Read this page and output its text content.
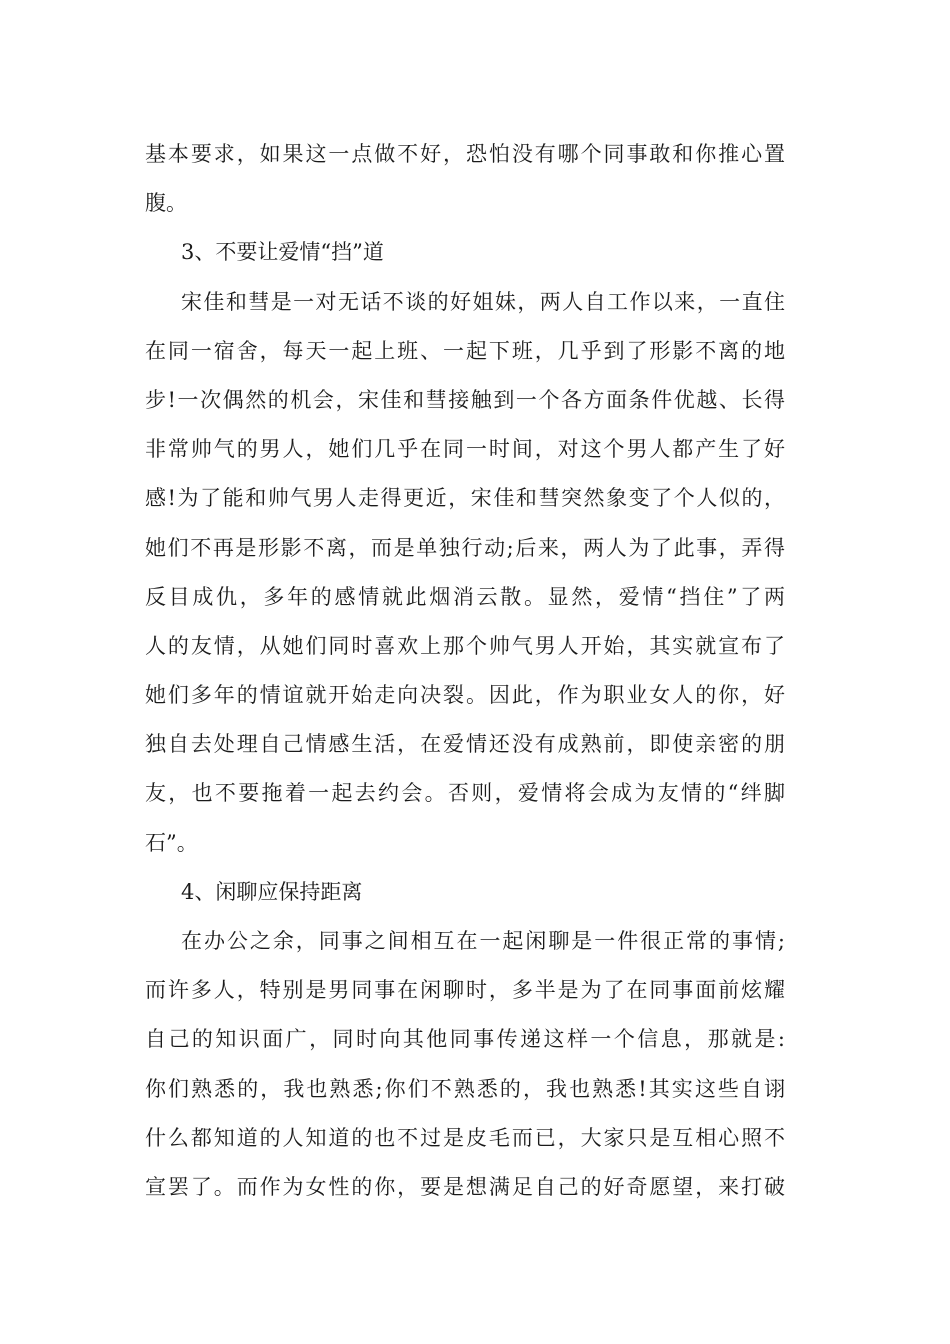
基本要求，如果这一点做不好，恐怕没有哪个同事敢和你推心置
腹。
3、不要让爱情“挡”道
宋佳和彗是一对无话不谈的好姐妹，两人自工作以来，一直住
在同一宿舍，每天一起上班、一起下班，几乎到了形影不离的地
步!一次偶然的机会，宋佳和彗接触到一个各方面条件优越、长得
非常帅气的男人，她们几乎在同一时间，对这个男人都产生了好
感!为了能和帅气男人走得更近，宋佳和彗突然象变了个人似的，
她们不再是形影不离，而是单独行动;后来，两人为了此事，弄得
反目成仇，多年的感情就此烟消云散。显然，爱情“挡住”了两
人的友情，从她们同时喜欢上那个帅气男人开始，其实就宣布了
她们多年的情谊就开始走向决裂。因此，作为职业女人的你，好
独自去处理自己情感生活，在爱情还没有成熟前，即使亲密的朋
友，也不要拖着一起去约会。否则，爱情将会成为友情的“绊脚
石”。
4、闲聊应保持距离
在办公之余，同事之间相互在一起闲聊是一件很正常的事情;
而许多人，特别是男同事在闲聊时，多半是为了在同事面前炫耀
自己的知识面广，同时向其他同事传递这样一个信息，那就是:
你们熟悉的，我也熟悉;你们不熟悉的，我也熟悉!其实这些自诩
什么都知道的人知道的也不过是皮毛而已，大家只是互相心照不
宣罢了。而作为女性的你，要是想满足自己的好奇愿望，来打破
